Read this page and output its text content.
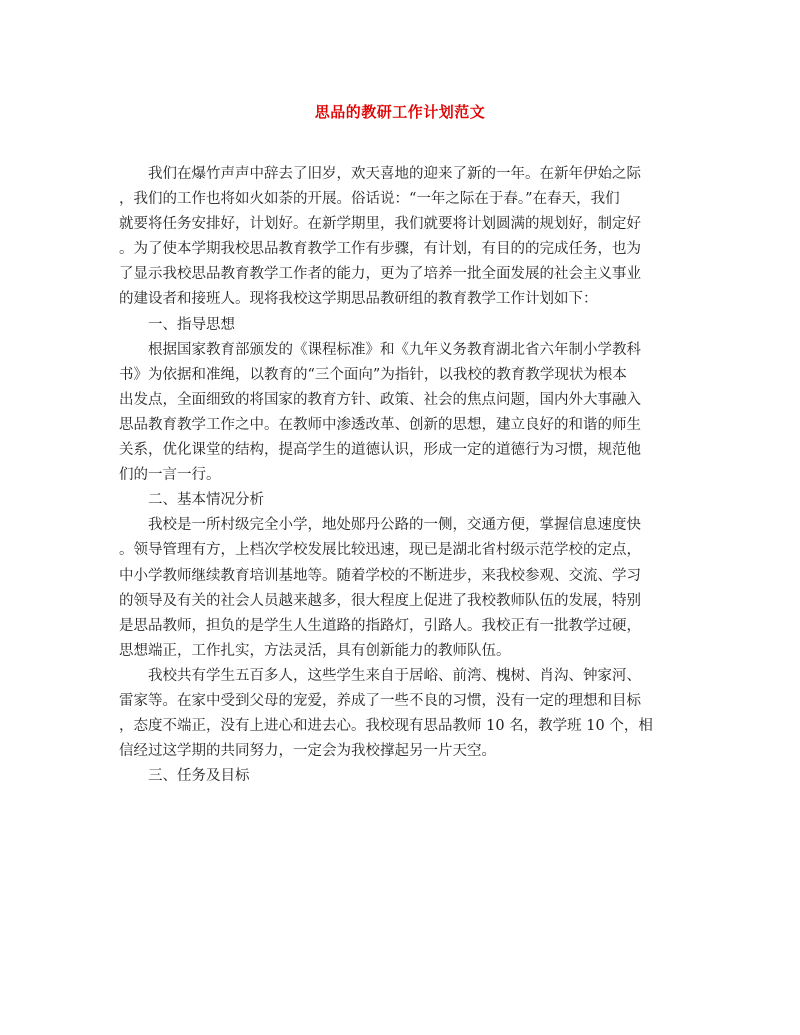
思品的教研工作计划范文
我们在爆竹声声中辞去了旧岁，欢天喜地的迎来了新的一年。在新年伊始之际
，我们的工作也将如火如荼的开展。俗话说：“一年之际在于春。”在春天，我们
就要将任务安排好，计划好。在新学期里，我们就要将计划圆满的规划好，制定好
。为了使本学期我校思品教育教学工作有步骤，有计划，有目的的完成任务，也为
了显示我校思品教育教学工作者的能力，更为了培养一批全面发展的社会主义事业
的建设者和接班人。现将我校这学期思品教研组的教育教学工作计划如下：
一、指导思想
根据国家教育部颁发的《课程标准》和《九年义务教育湖北省六年制小学教科
书》为依据和准绳，以教育的“三个面向”为指针，以我校的教育教学现状为根本
出发点，全面细致的将国家的教育方针、政策、社会的焦点问题，国内外大事融入
思品教育教学工作之中。在教师中渗透改革、创新的思想，建立良好的和谐的师生
关系，优化课堂的结构，提高学生的道德认识，形成一定的道德行为习惯，规范他
们的一言一行。
二、基本情况分析
我校是一所村级完全小学，地处郧丹公路的一侧，交通方便，掌握信息速度快
。领导管理有方，上档次学校发展比较迅速，现已是湖北省村级示范学校的定点，
中小学教师继续教育培训基地等。随着学校的不断进步，来我校参观、交流、学习
的领导及有关的社会人员越来越多，很大程度上促进了我校教师队伍的发展，特别
是思品教师，担负的是学生人生道路的指路灯，引路人。我校正有一批教学过硬，
思想端正，工作扎实，方法灵活，具有创新能力的教师队伍。
我校共有学生五百多人，这些学生来自于居峪、前湾、槐树、肖沟、钟家河、
雷家等。在家中受到父母的宠爱，养成了一些不良的习惯，没有一定的理想和目标
，态度不端正，没有上进心和进去心。我校现有思品教师 10 名，教学班 10 个，相
信经过这学期的共同努力，一定会为我校撑起另一片天空。
三、任务及目标
